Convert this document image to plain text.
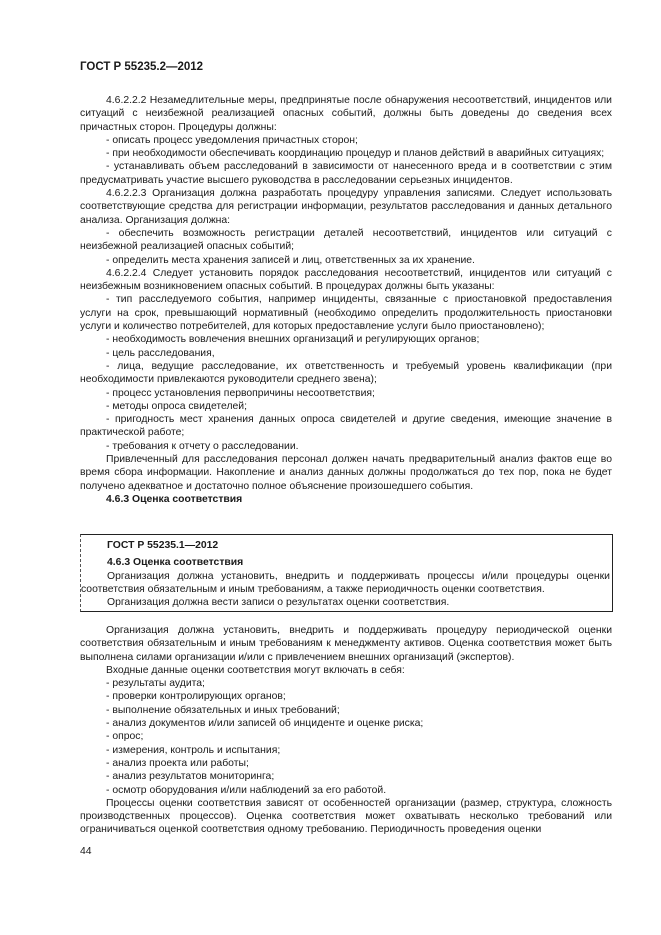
ГОСТ Р 55235.2—2012

4.6.2.2.2 Незамедлительные меры, предпринятые после обнаружения несоответствий, инцидентов или ситуаций с неизбежной реализацией опасных событий, должны быть доведены до сведения всех причастных сторон. Процедуры должны:

- описать процесс уведомления причастных сторон;

- при необходимости обеспечивать координацию процедур и планов действий в аварийных ситуациях;

- устанавливать объем расследований в зависимости от нанесенного вреда и в соответствии с этим предусматривать участие высшего руководства в расследовании серьезных инцидентов.

4.6.2.2.3 Организация должна разработать процедуру управления записями. Следует использовать соответствующие средства для регистрации информации, результатов расследования и данных детального анализа. Организация должна:

- обеспечить возможность регистрации деталей несоответствий, инцидентов или ситуаций с неизбежной реализацией опасных событий;

- определить места хранения записей и лиц, ответственных за их хранение.

4.6.2.2.4 Следует установить порядок расследования несоответствий, инцидентов или ситуаций с неизбежным возникновением опасных событий. В процедурах должны быть указаны:

- тип расследуемого события, например инциденты, связанные с приостановкой предоставления услуги на срок, превышающий нормативный (необходимо определить продолжительность приостановки услуги и количество потребителей, для которых предоставление услуги было приостановлено);

- необходимость вовлечения внешних организаций и регулирующих органов;

- цель расследования,

- лица, ведущие расследование, их ответственность и требуемый уровень квалификации (при необходимости привлекаются руководители среднего звена);

- процесс установления первопричины несоответствия;

- методы опроса свидетелей;

- пригодность мест хранения данных опроса свидетелей и другие сведения, имеющие значение в практической работе;

- требования к отчету о расследовании.

Привлеченный для расследования персонал должен начать предварительный анализ фактов еще во время сбора информации. Накопление и анализ данных должны продолжаться до тех пор, пока не будет получено адекватное и достаточно полное объяснение произошедшего события.

4.6.3 Оценка соответствия

ГОСТ Р 55235.1—2012

4.6.3 Оценка соответствия

Организация должна установить, внедрить и поддерживать процессы и/или процедуры оценки соответствия обязательным и иным требованиям, а также периодичность оценки соответствия.

Организация должна вести записи о результатах оценки соответствия.

Организация должна установить, внедрить и поддерживать процедуру периодической оценки соответствия обязательным и иным требованиям к менеджменту активов. Оценка соответствия может быть выполнена силами организации и/или с привлечением внешних организаций (экспертов).

Входные данные оценки соответствия могут включать в себя:

- результаты аудита;

- проверки контролирующих органов;

- выполнение обязательных и иных требований;

- анализ документов и/или записей об инциденте и оценке риска;

- опрос;

- измерения, контроль и испытания;

- анализ проекта или работы;

- анализ результатов мониторинга;

- осмотр оборудования и/или наблюдений за его работой.

Процессы оценки соответствия зависят от особенностей организации (размер, структура, сложность производственных процессов). Оценка соответствия может охватывать несколько требований или ограничиваться оценкой соответствия одному требованию. Периодичность проведения оценки

44
